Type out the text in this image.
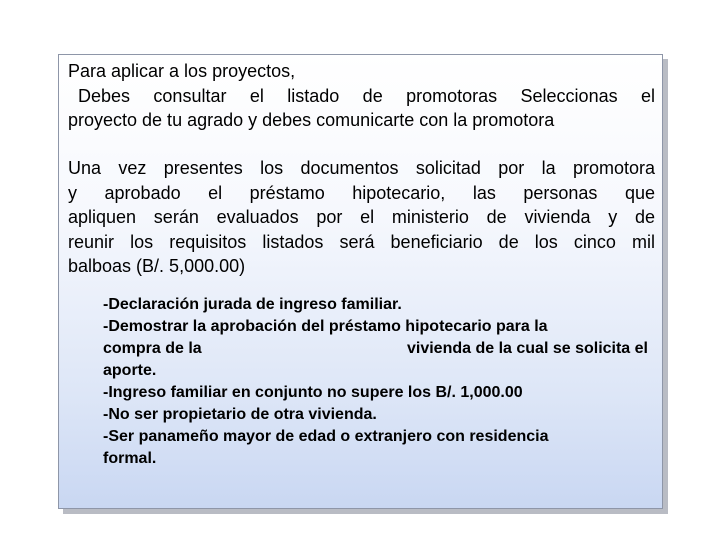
Para aplicar a los proyectos,
Debes consultar el listado de promotoras Seleccionas el
proyecto de tu agrado y debes comunicarte con la promotora
Una vez presentes los documentos solicitad por la promotora
y aprobado el préstamo hipotecario, las personas que
apliquen serán evaluados por el ministerio de vivienda y de
reunir los requisitos listados será beneficiario de los cinco mil
balboas (B/. 5,000.00)
-Declaración jurada de ingreso familiar.
-Demostrar la aprobación del préstamo hipotecario para la
compra de la	vivienda de la cual se solicita el
aporte.
-Ingreso familiar en conjunto no supere los B/. 1,000.00
-No ser propietario de otra vivienda.
-Ser panameño mayor de edad o extranjero con residencia
formal.
